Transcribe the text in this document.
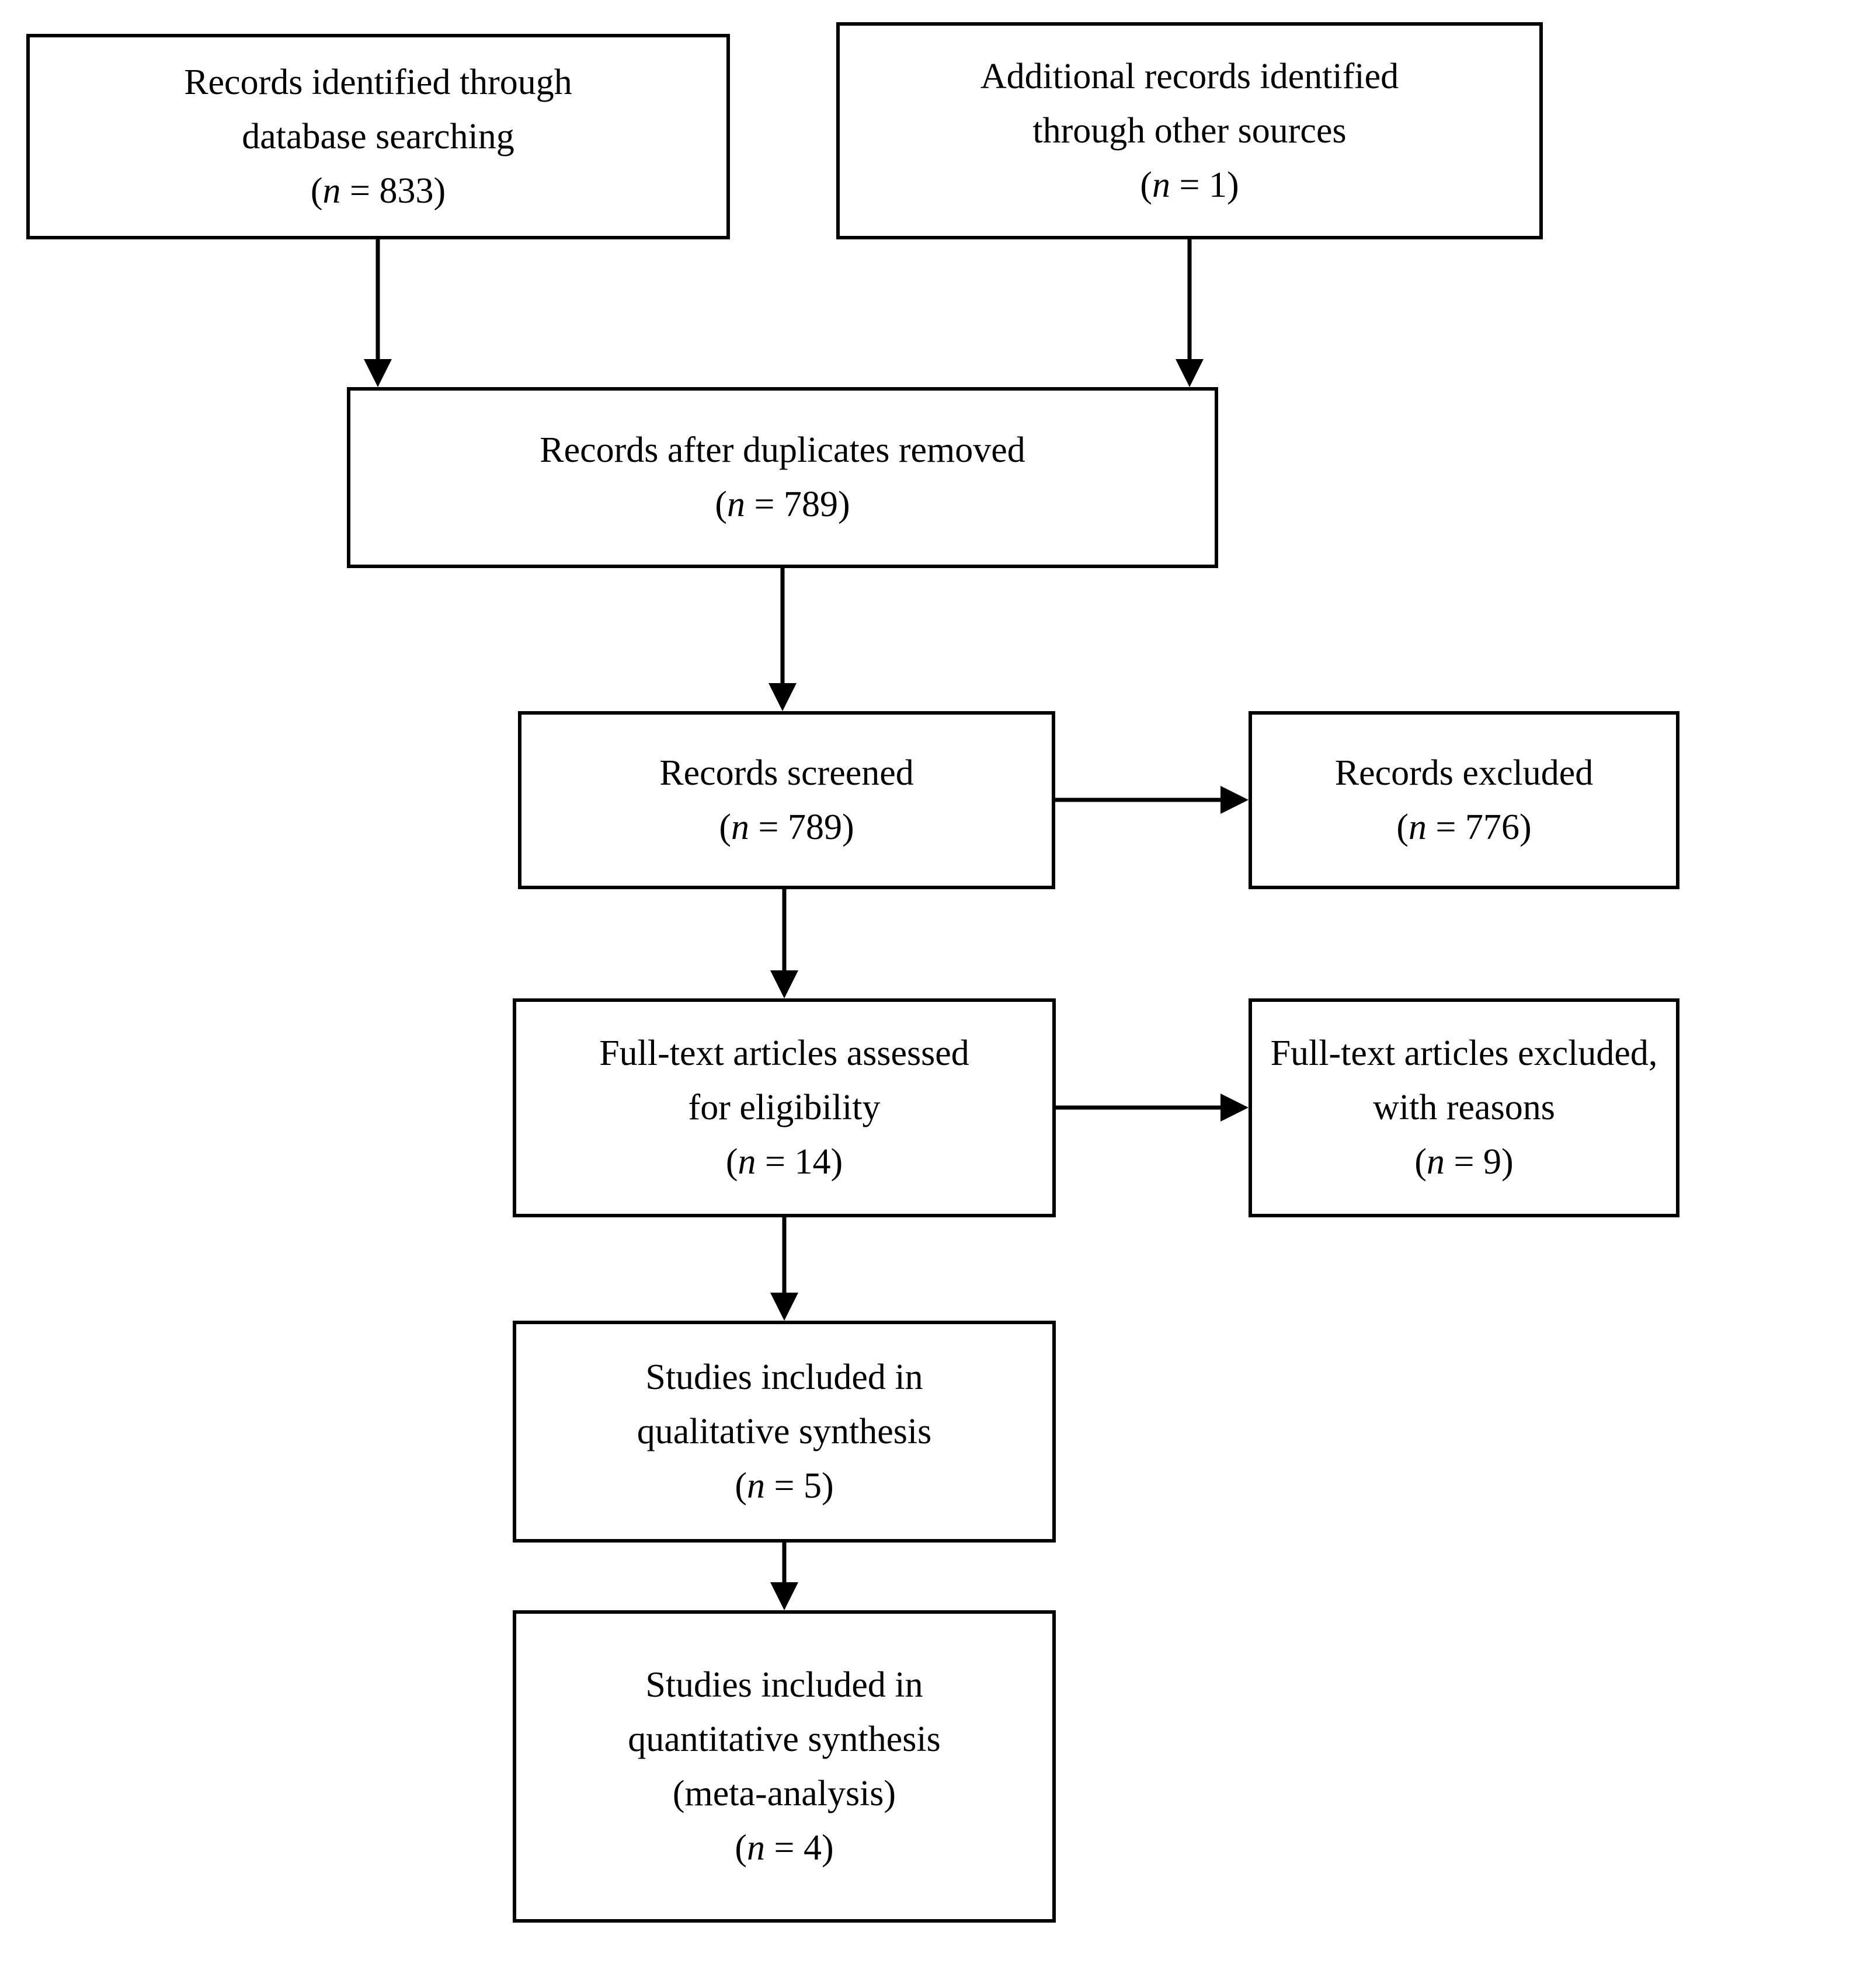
Records identified through
database searching
(n = 833)
Additional records identified
through other sources
(n = 1)
Records after duplicates removed
(n = 789)
Records screened
(n = 789)
Records excluded
(n = 776)
Full-text articles assessed
for eligibility
(n = 14)
Full-text articles excluded,
with reasons
(n = 9)
Studies included in
qualitative synthesis
(n = 5)
Studies included in
quantitative synthesis
(meta-analysis)
(n = 4)
